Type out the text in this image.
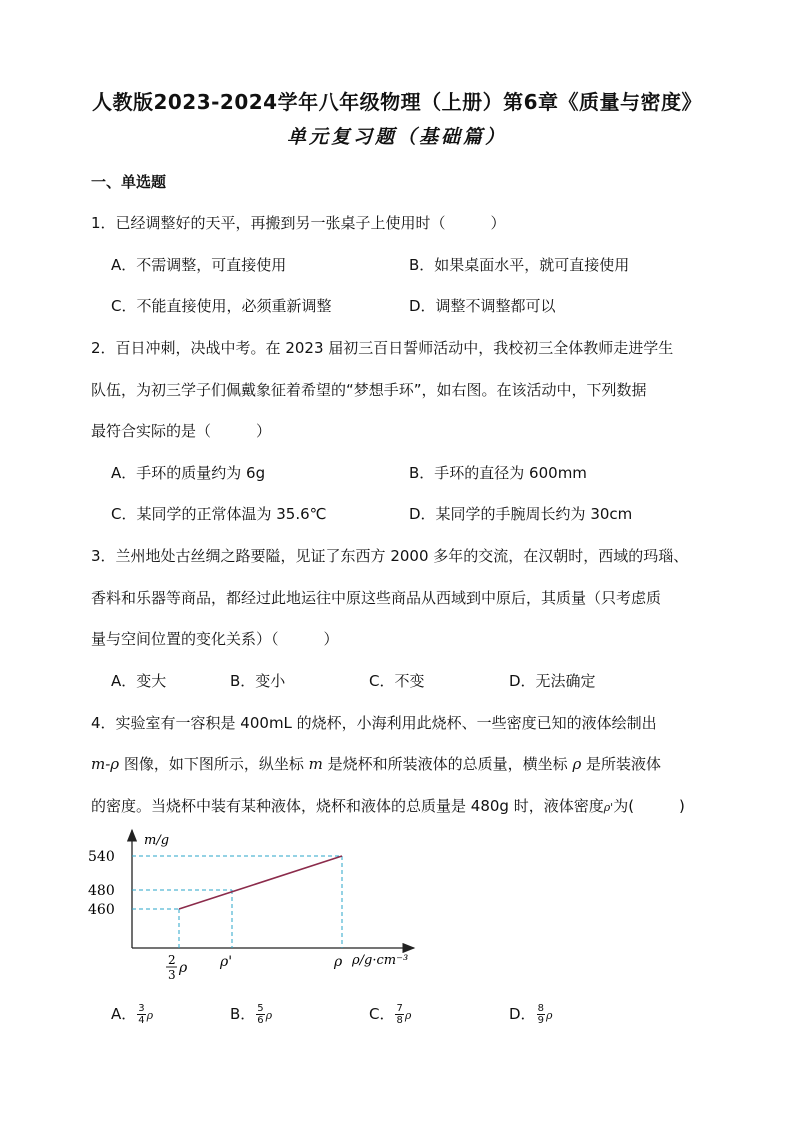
人教版2023-2024学年八年级物理（上册）第6章《质量与密度》
单元复习题（基础篇）
一、单选题
1．已经调整好的天平，再搬到另一张桌子上使用时（　　　）
A．不需调整，可直接使用	B．如果桌面水平，就可直接使用
C．不能直接使用，必须重新调整	D．调整不调整都可以
2．百日冲刺，决战中考。在 2023 届初三百日誓师活动中，我校初三全体教师走进学生
队伍，为初三学子们佩戴象征着希望的“梦想手环”，如右图。在该活动中，下列数据
最符合实际的是（　　　）
A．手环的质量约为 6g	B．手环的直径为 600mm
C．某同学的正常体温为 35.6℃	D．某同学的手腕周长约为 30cm
3．兰州地处古丝绸之路要隘，见证了东西方 2000 多年的交流，在汉朝时，西域的玛瑙、
香料和乐器等商品，都经过此地运往中原这些商品从西域到中原后，其质量（只考虑质
量与空间位置的变化关系）（　　　）
A．变大	B．变小	C．不变	D．无法确定
4．实验室有一容积是 400mL 的烧杯，小海利用此烧杯、一些密度已知的液体绘制出
m-ρ 图像，如下图所示，纵坐标 m 是烧杯和所装液体的总质量，横坐标 ρ 是所装液体
的密度。当烧杯中装有某种液体，烧杯和液体的总质量是 480g 时，液体密度ρ'为(　　　)
m/g
ρ/g·cm⁻³
540
480
460
2
3 ρ ρ'	ρ
A． $\frac{3}{4}$ ρ	B． $\frac{5}{6}$ ρ	C． $\frac{7}{8}$ ρ	D． $\frac{8}{9}$ ρ
